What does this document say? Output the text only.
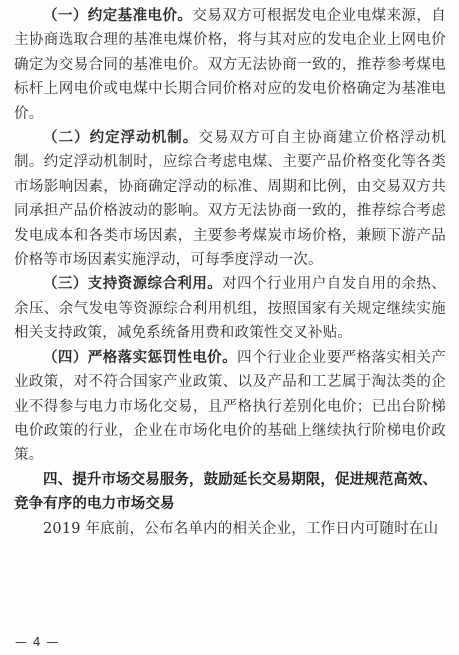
（一）约定基准电价。交易双方可根据发电企业电煤来源，自主协商选取合理的基准电煤价格，将与其对应的发电企业上网电价确定为交易合同的基准电价。双方无法协商一致的，推荐参考煤电标杆上网电价或电煤中长期合同价格对应的发电价格确定为基准电价。

（二）约定浮动机制。交易双方可自主协商建立价格浮动机制。约定浮动机制时，应综合考虑电煤、主要产品价格变化等各类市场影响因素，协商确定浮动的标准、周期和比例，由交易双方共同承担产品价格波动的影响。双方无法协商一致的，推荐综合考虑发电成本和各类市场因素，主要参考煤炭市场价格，兼顾下游产品价格等市场因素实施浮动，可每季度浮动一次。

（三）支持资源综合利用。对四个行业用户自发自用的余热、余压、余气发电等资源综合利用机组，按照国家有关规定继续实施相关支持政策，减免系统备用费和政策性交叉补贴。

（四）严格落实惩罚性电价。四个行业企业要严格落实相关产业政策，对不符合国家产业政策、以及产品和工艺属于淘汰类的企业不得参与电力市场化交易，且严格执行差别化电价；已出台阶梯电价政策的行业，企业在市场化电价的基础上继续执行阶梯电价政策。

四、提升市场交易服务，鼓励延长交易期限，促进规范高效、竞争有序的电力市场交易

2019 年底前，公布名单内的相关企业，工作日内可随时在山

— 4 —
